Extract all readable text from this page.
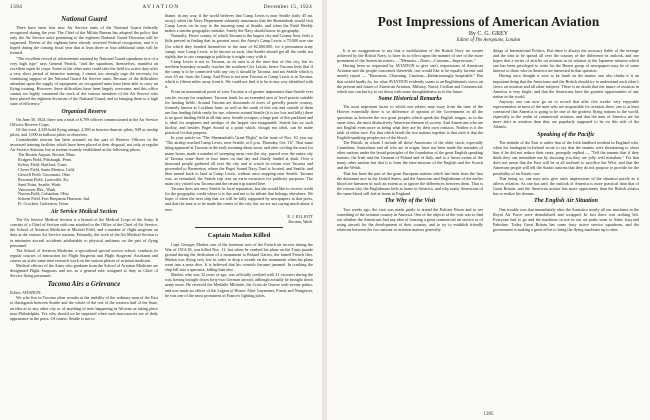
1394	AVIATION	December 15, 1924
National Guard

There have been four new Air Service units of the National Guard federally recognized during the year. The Chief of the Militia Bureau has adopted the policy that only the Air Service units pertaining to the eighteen National Guard Divisions will be organized. Eleven of the eighteen have already received Federal recognition, and it is hoped during the coming fiscal year that at least three or four additional units will be formed.

"The excellent record of achievement attained by National Guard squadrons in a of a very high type" says General Patrick, "and the squadrons, themselves, manifest an excellent esprit de corps. Some of the other units could take the field for active duty after a very short period of intensive training. I cannot too strongly urge the necessity for continuing support of the National Guard Air Service units. Because of the difficulties attendant upon the supply of equipment, no recognized units have been able to carry on flying training. However, these difficulties have been largely overcome, and this office cannot too highly commend the work of the various members of the Air Service who have placed the eighteen divisions of the National Guard, and in bringing them to a high state of efficiency."

Organized Reserve

On June 30, 1924, there was a total of 6,709 officers commissioned in the Air Service Officers Reserve Corps.

Of this total, 4,329 hold flying ratings, 2,380 as heavier-than-air pilots, 949 as airship pilots, and 1,000 as balloon pilots or observers.

Considerable interest has been aroused on the part of Reserve Officers in the increased training facilities which have been placed at their disposal, not only at regular Air Service Stations, but at sixteen recently established at the following places:

The Boston Airport, Boston, Mass.
Rodgers Field, Pittsburgh, Penn.
Kelsey Field, Hartford, Conn.
Clover Field, Santa Monica, Calif.
Grissell Field, Cincinnati, Ohio
Bowman Field, Louisville, Ky.
Sand Point, Seattle, Wash.
Vancouver Bks., Wash.
Norton Field, Columbus, Ohio
Schoen Field, Fort Benjamin Harrison, Ind.
Ft. Crockett, Galveston, Texas
Air Service Medical Section

The Air Service Medical Section is a branch of the Medical Corps of the Army. It consists of a Chief of Section with one attached to the Office of the Chief of Air Service, the School of Aviation Medicine at Mitchel Field, and a number of flight surgeons on duty at the various Air Service stations. Primarily, the work of the Air Medical Section is to minimize aircraft accidents attributable to physical unfitness on the part of flying personnel.

The School of Aviation Medicine, a specialized special service school, conducts its regular courses of instruction for Flight Surgeons and Flight Surgeons' Assistants and carries on at the same time research work on the various phases of aviation medicine.

Medical officers of the Army who graduate from the School of Aviation Medicine are designated Flight Surgeons and are, as a general rule, assigned to duty as Chief of Service flying personnel.

Tacoma Airs a Grievance

Editor, AVIATION:

We who live in Tacoma often wonder at the inability of the ordinary man of the East to distinguish between Seattle and the whole of the rest of the western half of the State, an idea as to any other city or of anything of note happening in Altoona as taking place near Philadelphia. Yet, why should we be surprised when such inaccuracies are of daily appearance in the press. Of course, Seattle is not to

blame, in any way, if the world believes that Camp Lewis is near Seattle (only 45 mi. away), when the Navy Department solemnly announces that the Shenandoah would visit Camp Lewis on its way to the mooring mast at Seattle, and when the Field Weekly makes a similar geographic mistake. Surely the Navy should know its geography.

Naturally, Pierce county, of which Tacoma is the largest city and County Seat, feels a little peeved in finding that its greatest asset, the Army's Camp Lewis, a 70,000 acre site (for which they bonded themselves to the tune of $2,000,000, for a permanent army camp), now Camp Lewis, to be known as such, that Seattle should get all the credit not rightly due to our campaign to publicity it might carry with it.

Camp Lewis is not in Tacoma, as its area is at the time that of this city, but its northern boundary actually touches the southern City Limits, hence Tacoma feels that if the camp is to be connected with any city it should be Tacoma, and not Seattle which is over 45 mi. from the Camp. And Point is not near Tacoma or Camp Lewis is in Tacoma, which is fifteen miles away from it. We could not find it to be in any way identified with it.

From an aeronautical point of view Tacoma is of greater importance than Seattle ever can be, except for seaplanes. Tacoma lands for an extended area of level prairie suitable for landing fields. Around Tacoma are thousands of acres of gravelly prairie country, formerly known as Lockhart farm, as well as the south of this city and outside of them are fine landing fields ready for use, whereas around Seattle (it is too low and hilly) there is no good landing field in all that area. Seattle occupies a large part of this parkland and is ideal for seaplanes and airships of the largest size imaginable. Seattle has no such facility, and besides Puget Sound at a point which, though not ideal, can be made practical for that purpose.

In your article on "The Shenandoah's Great Flight" in the issue of Nov. 10, you say "The airship reached Camp Lewis, near Seattle, at 6 p.m. Thursday, Oct. 16". That same thing appeared at Tacoma in the early morning about noon, and after circling the mast for many hours, made a number of sweeping turns over the city, passed over the entire city of Tacoma some three or four times on that day and finally landed at dusk. Over a thousand people gathered all over the city and to watch its return over Tacoma and proceeded to Bremerton, where the Puget Sound Navy Yard is located, and Seattle, and then turned back to land at Camp Lewis, without once stopping near Seattle. Tacoma was, as remarked, the Seattle trip was an extra excursion for publicity purposes. The main city visited was Tacoma and the return trip started here.

Tacoma does not envy Seattle its local reputation, but she would like to receive credit for the geographic credit where it is due and not to be tribute that belongs elsewhere. We hope, if when the next ship that we will be fully supported by newspapers in that press, and that the area is to be made the center of the city, but we are not saying much about it now.

E. J. ELLIOTT
Tacoma, Wash.
Captain Madon Killed

Capt. Georges Madon, one of the foremost aces of the French air service during the War of 1914-18, was killed Nov. 11, last when he crashed his plane on the Tunis parade ground during the dedication of a monument to Roland Garros, the famed French flier. Madon was flying very low in order to drop a wreath on the monument when his plane went into a nose dive. It is believed that his controls became jammed. In crashing the ship fell into a spectator, killing him also.

Madon, who was 32 years of age, was officially credited with 41 victories during the war, having brought down forty-two German aircraft, although actually he brought down many more. He received the Medaille Militaire, the Croix de Guerre with twenty palms, and was made an officer of the Legion of Honor. After Guynemer, Fonck and Nungesser, he was one of the most prominent of France's fighting pilots.

Post Impressions of American Aviation
By C. G. GREY
Editor of The Aeroplane, London

It is no exaggeration to say that a mobilization of the British Navy no sooner achieved by the British Navy, to have its to effect upon the manner of one of the more prominent of the American writers —"Memoirs—Notes—Customs—Impressions."

Having been so requested by AVIATION to give one's impressions of American Aviation and the people concerned therewith, one would like to be equally laconic and merely report — "Enormous, Charming, Cautious—Embarrassingly hospitable." But that would hardly do, for what AVIATION evidently wants is an Englishman's views on the present and future of American Aviation, Military, Naval, Civilian and Commercial, which one can but try to set down with some thoughtfulness as to the future.

Some Historical Remarks

The most important factor to which one relates may sway from the time of the Hoover essentially there is so difference of opinion of the Government in all the questions as between the two great peoples which speak the English tongue, as in the same class, the most distinctively American element of society. And Americans who are not English even more as being what they are by their own contacts. Neither is it the fault of either race. For that which binds the two nations together is that each is that the English-speaking peoples are of the blood.

The British, in whom I include all those Americans of the older stock, especially Canadians, Australians and all who are in origin, have not been made the mistakes of other nations under the broad principles of the foundation of the great English speaking nations, the Irish and the German of Poland and of Italy, and to a lesser extent of the many other nations but that it is from the inter-mixture of the English and the Scotch and the Welsh.

That has been the part of the great European nations which has been from the first the dominant race in the United States, and the American and Englishman of the earlier blood are kinsmen in such an extent as to ignore the differences between them. That is the reason why the Englishman feels at home in America, and why many Americans of the same blood still feel at home in England.

The Why of the Visit

Two weeks ago, the visit was made partly to attend the Pulitzer Races and to see something of the aviation country in America. One of the objects of the visit was to find out whether the Americans had any idea of forming a great commercial air service or of using aircraft for the development of their country, and to try to establish friendly relations between the two nations in aviation matters generally.

things of International Politics. But there is always the accuracy liable of the average and the idea to be spread all over the country of the difference in outlook, and one hopes that a series of articles on aviation in its relation to the Japanese mission which one has been privileged to write for the Hearst group of newspapers may be of some interest to those who in America are interested in that question.

Having once thought it wise to be frank on the matter, one also thinks it is an important thing that the Americans and the British should try to understand each other's views on aviation and all other subjects. There is no doubt that the future of aviation in America is very bright, and that the Americans have the greatest opportunities of any nation in the world.

Anyway, one can now go on to record that after five weeks' very enjoyable representation in most of the men who are responsible for aviation there, one is at least convinced that America is going to be one of the greatest flying nations in the world, especially in the realm of commercial aviation, and that the men of America are far more alert in aviation than they are popularly supposed to be on this side of the Atlantic.

Speaking of the Pacific

The attitude of the East is rather that of the Irish landlord resident in England who, when his landagent in Ireland wrote to say that the tenants were threatening to shoot him if he did not reduce their rents, promptly replied — "Tell the tenants that if they think they can intimidate me by shooting you they are jolly well mistaken." For that does not mean that the East will be at all inclined to sacrifice the West, and that the American people will tell the Asiatic nations that they do not propose to provide for the possibility of an Asiatic war.

That being so, one may now give one's impressions of the situation purely as it affects aviation. As one has said, the outlook of America is more practical than that of Great Britain, and the American aviator has more opportunity than the British aviator has to realize his dreams.

The English Air Situation

One trouble was that immediately after the Armistice nearly all our machines in the Royal Air Force were demobilized and scrapped. In fact there was nothing left. Everyone had to go and the machines in use in our air parks went to Aden, Iraq and Palestine. Today Great Britain has some forty active service squadrons, and the government is making a great effort to bring the flying machines up to date.

1395
